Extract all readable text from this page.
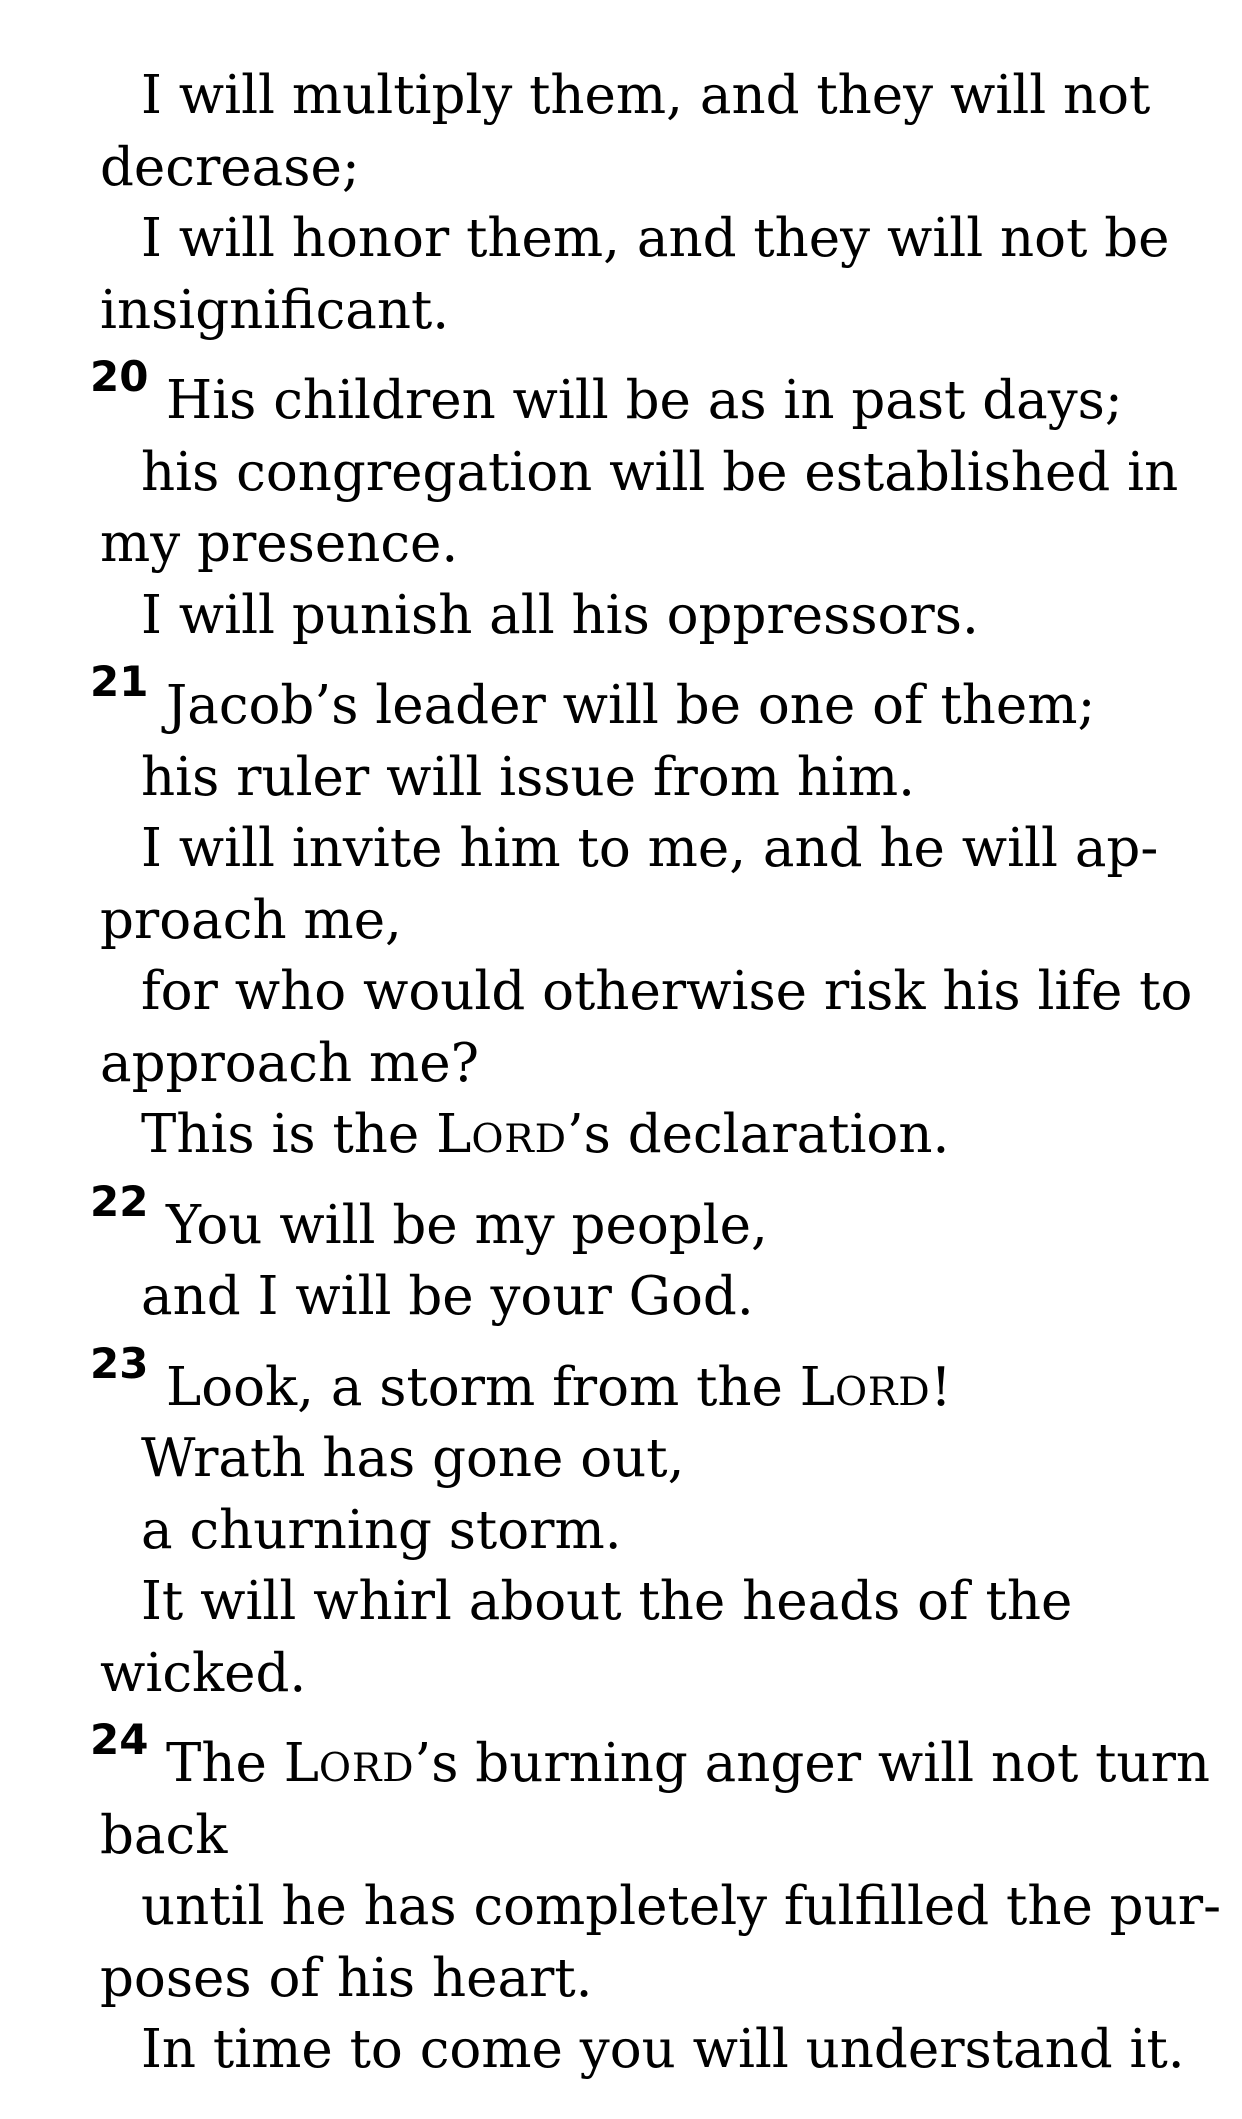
I will multiply them, and they will not
decrease;
I will honor them, and they will not be
insignificant.
20 His children will be as in past days;
his congregation will be established in
my presence.
I will punish all his oppressors.
21 Jacob’s leader will be one of them;
his ruler will issue from him.
I will invite him to me, and he will ap-
proach me,
for who would otherwise risk his life to
approach me?
This is the LORD’s declaration.
22 You will be my people,
and I will be your God.
23 Look, a storm from the LORD!
Wrath has gone out,
a churning storm.
It will whirl about the heads of the
wicked.
24 The LORD’s burning anger will not turn
back
until he has completely fulfilled the pur-
poses of his heart.
In time to come you will understand it.
